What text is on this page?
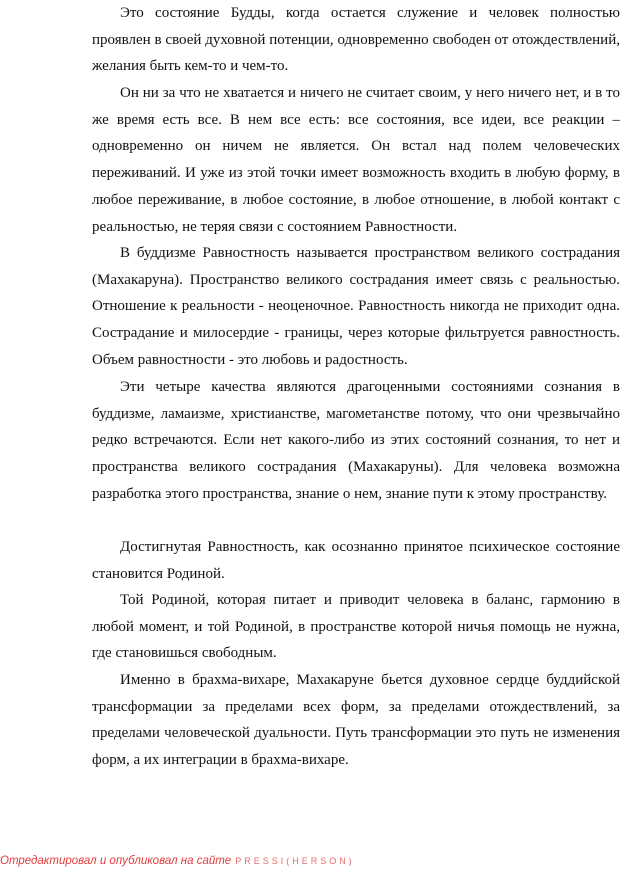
Это состояние Будды, когда остается служение и человек полностью проявлен в своей духовной потенции, одновременно свободен от отождествлений, желания быть кем-то и чем-то.

Он ни за что не хватается и ничего не считает своим, у него ничего нет, и в то же время есть все. В нем все есть: все состояния, все идеи, все реакции – одновременно он ничем не является. Он встал над полем человеческих переживаний. И уже из этой точки имеет возможность входить в любую форму, в любое переживание, в любое состояние, в любое отношение, в любой контакт с реальностью, не теряя связи с состоянием Равностности.

В буддизме Равностность называется пространством великого сострадания (Махакаруна). Пространство великого сострадания имеет связь с реальностью. Отношение к реальности - неоценочное. Равностность никогда не приходит одна. Сострадание и милосердие - границы, через которые фильтруется равностность. Объем равностности - это любовь и радостность.

Эти четыре качества являются драгоценными состояниями сознания в буддизме, ламаизме, христианстве, магометанстве потому, что они чрезвычайно редко встречаются. Если нет какого-либо из этих состояний сознания, то нет и пространства великого сострадания (Махакаруны). Для человека возможна разработка этого пространства, знание о нем, знание пути к этому пространству.

Достигнутая Равностность, как осознанно принятое психическое состояние становится Родиной.

Той Родиной, которая питает и приводит человека в баланс, гармонию в любой момент, и той Родиной, в пространстве которой ничья помощь не нужна, где становишься свободным.

Именно в брахма-вихаре, Махакаруне бьется духовное сердце буддийской трансформации за пределами всех форм, за пределами отождествлений, за пределами человеческой дуальности. Путь трансформации это путь не изменения форм, а их интеграции в брахма-вихаре.

Отредактировал и опубликовал на сайте PRESSI(HERSON)
